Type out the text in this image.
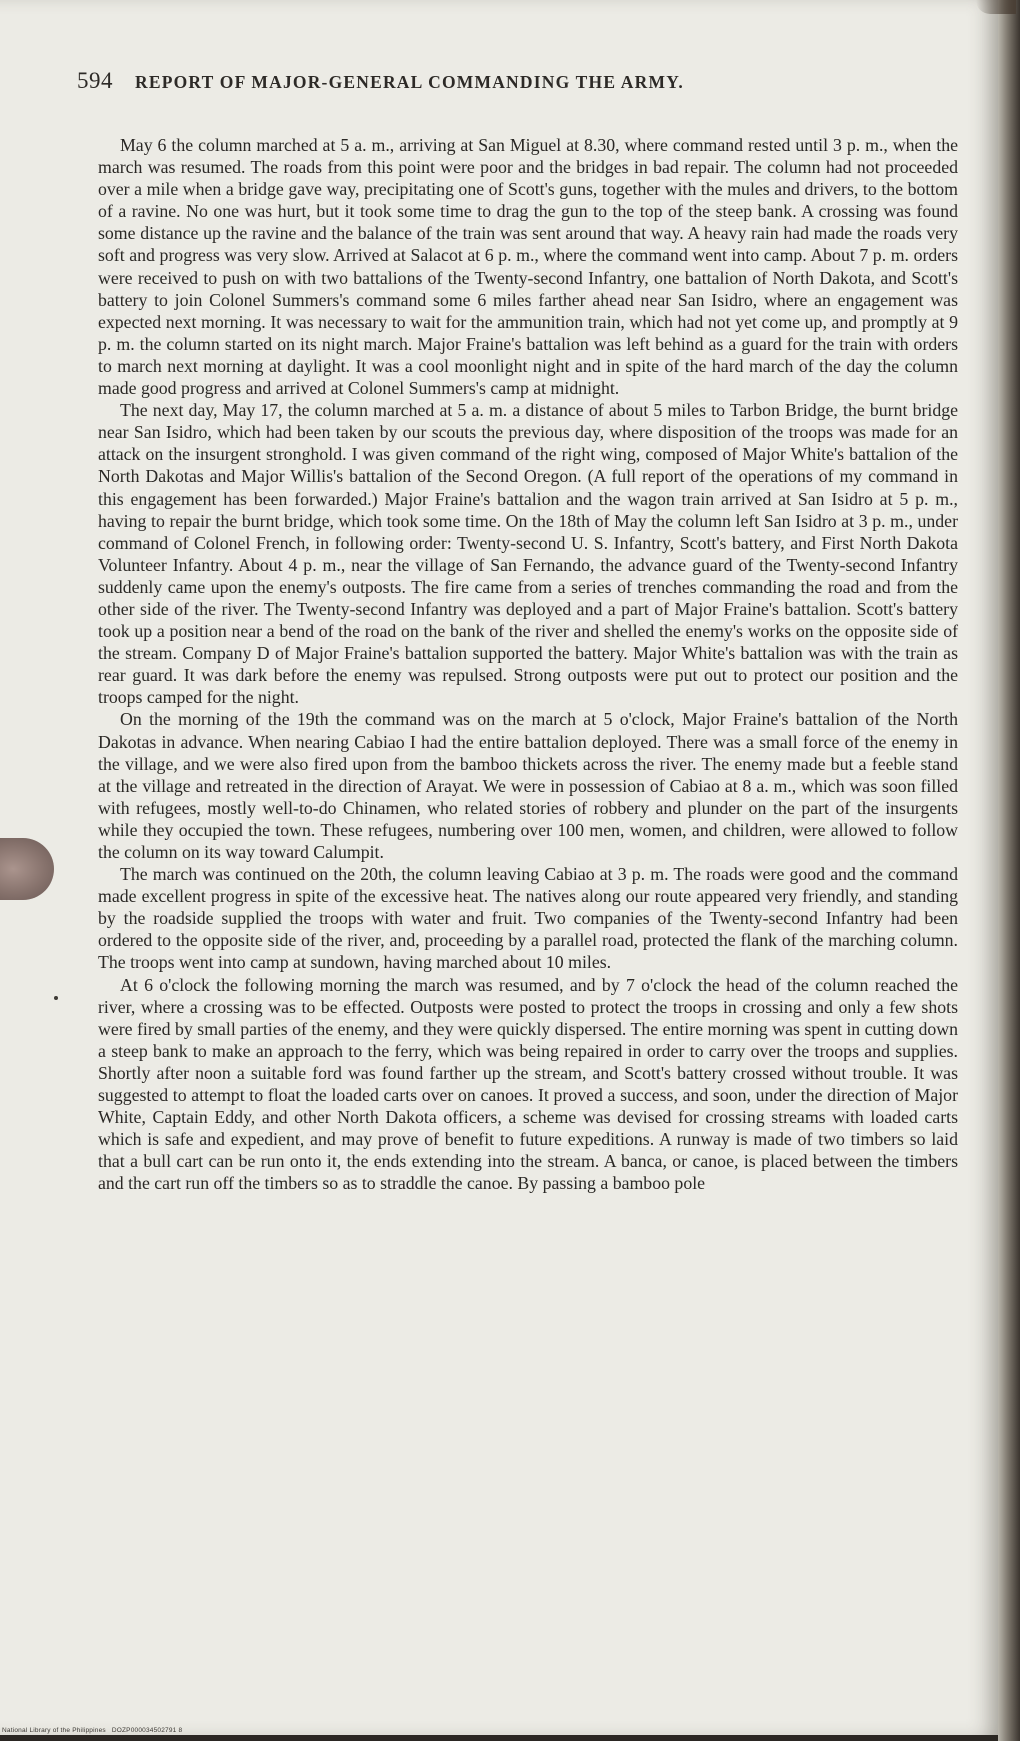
594 REPORT OF MAJOR-GENERAL COMMANDING THE ARMY.

May 6 the column marched at 5 a. m., arriving at San Miguel at 8.30, where command rested until 3 p. m., when the march was resumed. The roads from this point were poor and the bridges in bad repair. The column had not proceeded over a mile when a bridge gave way, precipitating one of Scott's guns, together with the mules and drivers, to the bottom of a ravine. No one was hurt, but it took some time to drag the gun to the top of the steep bank. A crossing was found some distance up the ravine and the balance of the train was sent around that way. A heavy rain had made the roads very soft and progress was very slow. Arrived at Salacot at 6 p. m., where the command went into camp. About 7 p. m. orders were received to push on with two battalions of the Twenty-second Infantry, one battalion of North Dakota, and Scott's battery to join Colonel Summers's command some 6 miles farther ahead near San Isidro, where an engagement was expected next morning. It was necessary to wait for the ammunition train, which had not yet come up, and promptly at 9 p. m. the column started on its night march. Major Fraine's battalion was left behind as a guard for the train with orders to march next morning at daylight. It was a cool moonlight night and in spite of the hard march of the day the column made good progress and arrived at Colonel Summers's camp at midnight.

The next day, May 17, the column marched at 5 a. m. a distance of about 5 miles to Tarbon Bridge, the burnt bridge near San Isidro, which had been taken by our scouts the previous day, where disposition of the troops was made for an attack on the insurgent stronghold. I was given command of the right wing, composed of Major White's battalion of the North Dakotas and Major Willis's battalion of the Second Oregon. (A full report of the operations of my command in this engagement has been forwarded.) Major Fraine's battalion and the wagon train arrived at San Isidro at 5 p. m., having to repair the burnt bridge, which took some time. On the 18th of May the column left San Isidro at 3 p. m., under command of Colonel French, in following order: Twenty-second U. S. Infantry, Scott's battery, and First North Dakota Volunteer Infantry. About 4 p. m., near the village of San Fernando, the advance guard of the Twenty-second Infantry suddenly came upon the enemy's outposts. The fire came from a series of trenches commanding the road and from the other side of the river. The Twenty-second Infantry was deployed and a part of Major Fraine's battalion. Scott's battery took up a position near a bend of the road on the bank of the river and shelled the enemy's works on the opposite side of the stream. Company D of Major Fraine's battalion supported the battery. Major White's battalion was with the train as rear guard. It was dark before the enemy was repulsed. Strong outposts were put out to protect our position and the troops camped for the night.

On the morning of the 19th the command was on the march at 5 o'clock, Major Fraine's battalion of the North Dakotas in advance. When nearing Cabiao I had the entire battalion deployed. There was a small force of the enemy in the village, and we were also fired upon from the bamboo thickets across the river. The enemy made but a feeble stand at the village and retreated in the direction of Arayat. We were in possession of Cabiao at 8 a. m., which was soon filled with refugees, mostly well-to-do Chinamen, who related stories of robbery and plunder on the part of the insurgents while they occupied the town. These refugees, numbering over 100 men, women, and children, were allowed to follow the column on its way toward Calumpit.

The march was continued on the 20th, the column leaving Cabiao at 3 p. m. The roads were good and the command made excellent progress in spite of the excessive heat. The natives along our route appeared very friendly, and standing by the roadside supplied the troops with water and fruit. Two companies of the Twenty-second Infantry had been ordered to the opposite side of the river, and, proceeding by a parallel road, protected the flank of the marching column. The troops went into camp at sundown, having marched about 10 miles.

At 6 o'clock the following morning the march was resumed, and by 7 o'clock the head of the column reached the river, where a crossing was to be effected. Outposts were posted to protect the troops in crossing and only a few shots were fired by small parties of the enemy, and they were quickly dispersed. The entire morning was spent in cutting down a steep bank to make an approach to the ferry, which was being repaired in order to carry over the troops and supplies. Shortly after noon a suitable ford was found farther up the stream, and Scott's battery crossed without trouble. It was suggested to attempt to float the loaded carts over on canoes. It proved a success, and soon, under the direction of Major White, Captain Eddy, and other North Dakota officers, a scheme was devised for crossing streams with loaded carts which is safe and expedient, and may prove of benefit to future expeditions. A runway is made of two timbers so laid that a bull cart can be run onto it, the ends extending into the stream. A banca, or canoe, is placed between the timbers and the cart run off the timbers so as to straddle the canoe. By passing a bamboo pole

National Library of the Philippines DOZP000034502791 8
